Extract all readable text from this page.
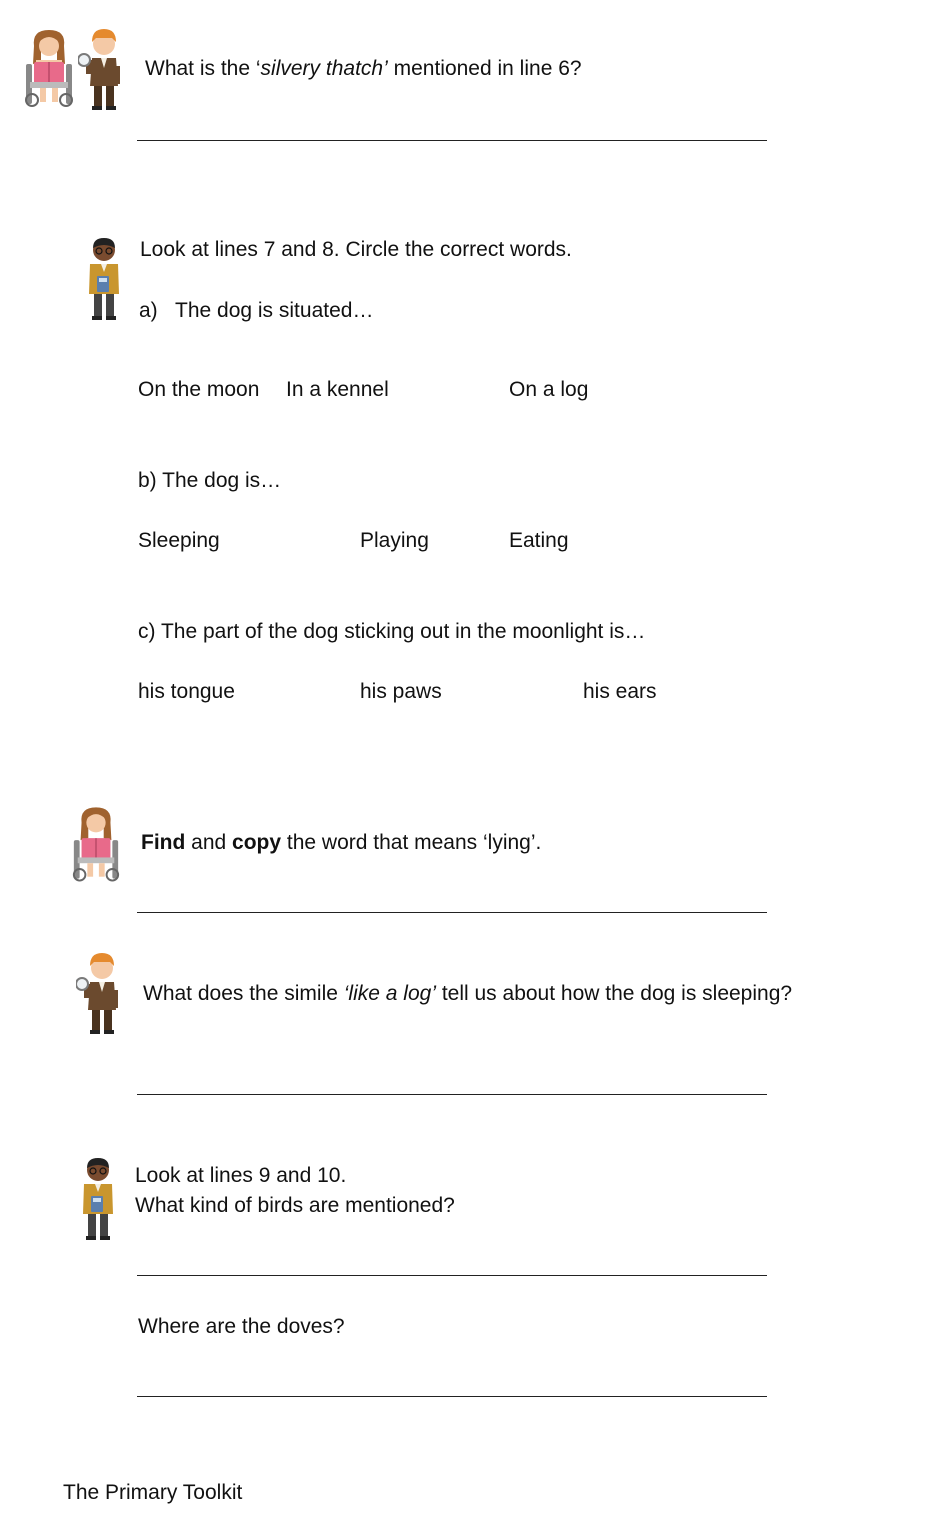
What is the ‘silvery thatch’ mentioned in line 6?
Look at lines 7 and 8. Circle the correct words.
a) The dog is situated…
On the moon In a kennel	On a log
b) The dog is…
Sleeping	Playing	Eating
c) The part of the dog sticking out in the moonlight is…
his tongue	his paws	his ears
Find and copy the word that means ‘lying’.
What does the simile ‘like a log’ tell us about how the dog is sleeping?
Look at lines 9 and 10.
What kind of birds are mentioned?
Where are the doves?
The Primary Toolkit
